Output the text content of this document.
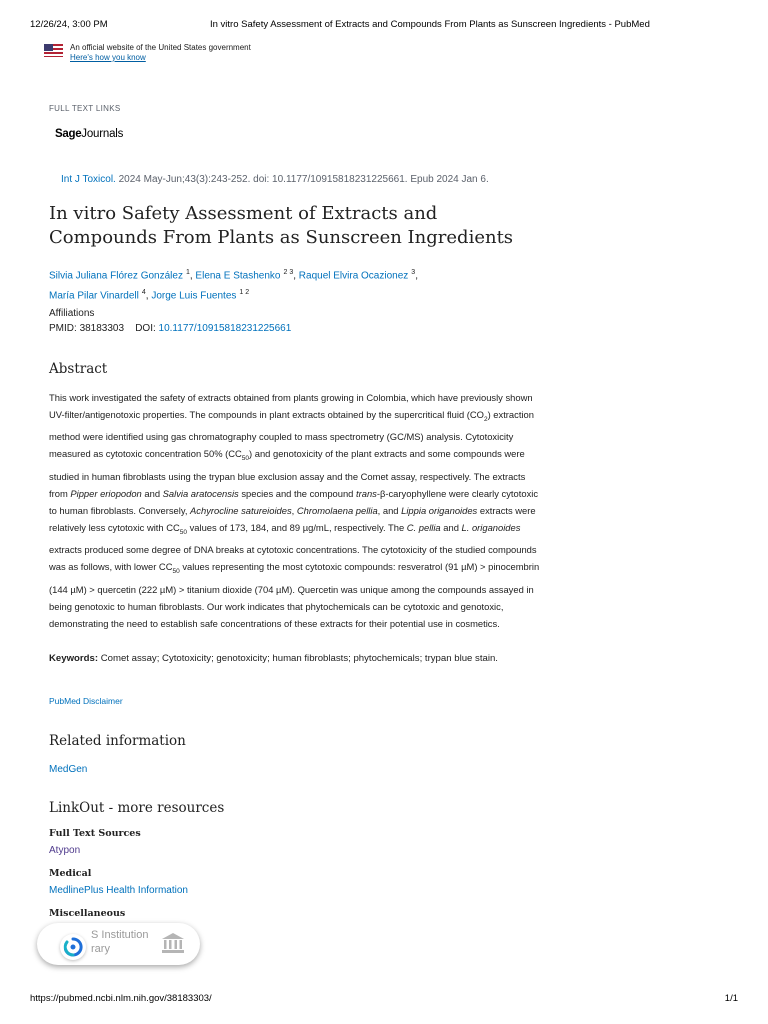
12/26/24, 3:00 PM	In vitro Safety Assessment of Extracts and Compounds From Plants as Sunscreen Ingredients - PubMed
An official website of the United States government
Here's how you know
FULL TEXT LINKS
SageJournals
Int J Toxicol. 2024 May-Jun;43(3):243-252. doi: 10.1177/10915818231225661. Epub 2024 Jan 6.
In vitro Safety Assessment of Extracts and Compounds From Plants as Sunscreen Ingredients
Silvia Juliana Flórez González $^1$, Elena E Stashenko $^{2 3}$, Raquel Elvira Ocazionez $^3$,
María Pilar Vinardell $^4$, Jorge Luis Fuentes $^{1 2}$
Affiliations
PMID: 38183303 DOI: 10.1177/10915818231225661
Abstract

This work investigated the safety of extracts obtained from plants growing in Colombia, which have previously shown UV-filter/antigenotoxic properties. The compounds in plant extracts obtained by the supercritical fluid $(CO_2)$ extraction method were identified using gas chromatography coupled to mass spectrometry (GC/MS) analysis. Cytotoxicity measured as cytotoxic concentration 50% $(CC_{50})$ and genotoxicity of the plant extracts and some compounds were studied in human fibroblasts using the trypan blue exclusion assay and the Comet assay, respectively. The extracts from Pipper eriopodon and Salvia aratocensis species and the compound trans-β-caryophyllene were clearly cytotoxic to human fibroblasts. Conversely, Achyrocline satureioides, Chromolaena pellia, and Lippia origanoides extracts were relatively less cytotoxic with $CC_{50}$ values of 173, 184, and 89 µg/mL, respectively. The C. pellia and L. origanoides extracts produced some degree of DNA breaks at cytotoxic concentrations. The cytotoxicity of the studied compounds was as follows, with lower $CC_{50}$ values representing the most cytotoxic compounds: resveratrol (91 µM) > pinocembrin (144 µM) > quercetin (222 µM) > titanium dioxide (704 µM). Quercetin was unique among the compounds assayed in being genotoxic to human fibroblasts. Our work indicates that phytochemicals can be cytotoxic and genotoxic, demonstrating the need to establish safe concentrations of these extracts for their potential use in cosmetics.

Keywords: Comet assay; Cytotoxicity; genotoxicity; human fibroblasts; phytochemicals; trypan blue stain.
PubMed Disclaimer
Related information
MedGen
LinkOut - more resources
Full Text Sources
Atypon
Medical
MedlinePlus Health Information
Miscellaneous
S Institution
rary
https://pubmed.ncbi.nlm.nih.gov/38183303/	1/1
